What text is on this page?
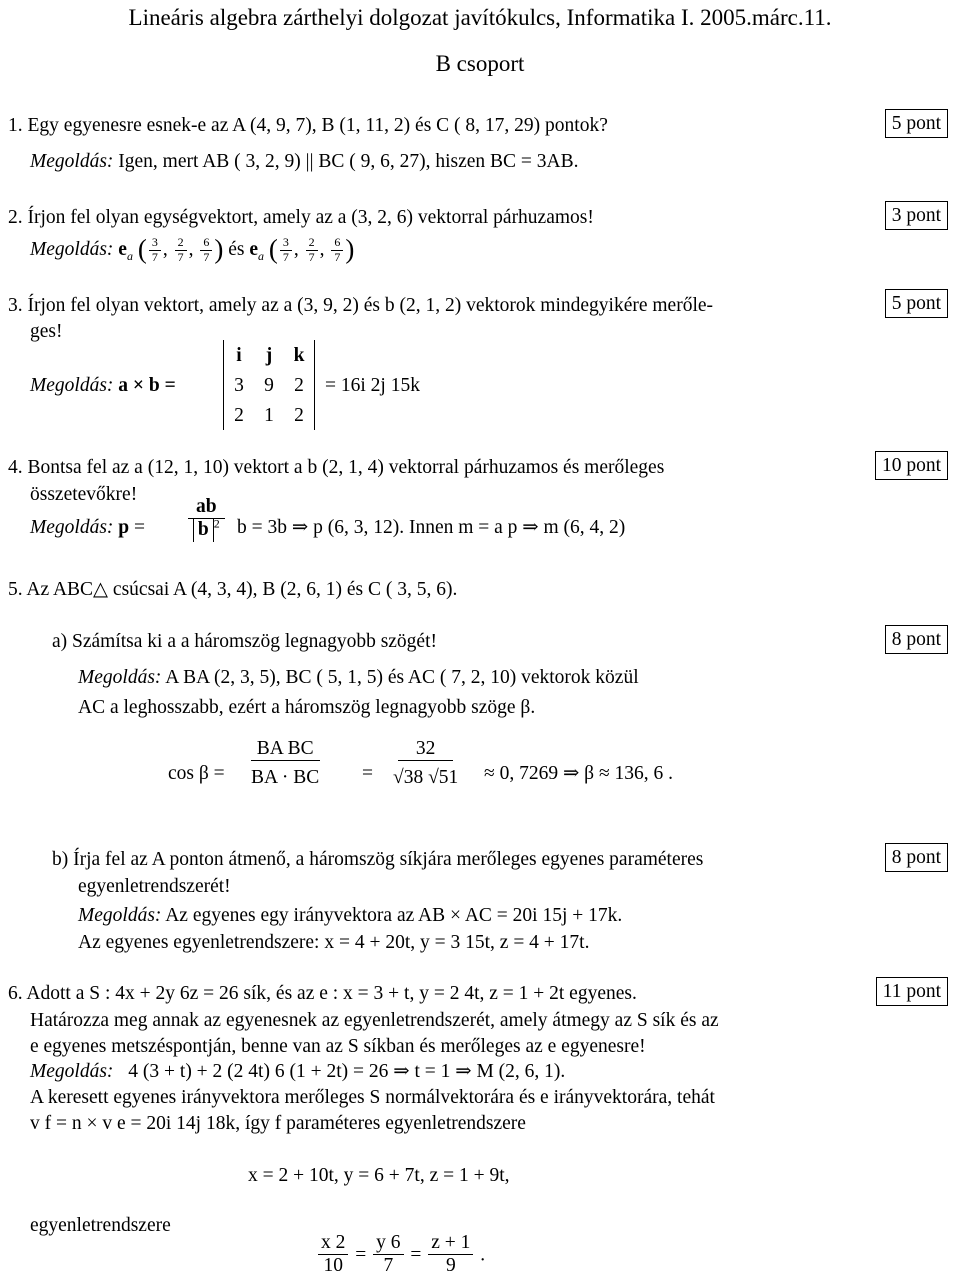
Lineáris algebra zárthelyi dolgozat javítókulcs, Informatika I. 2005.márc.11.
B csoport
1. Egy egyenesre esnek-e az A (4, 9, 7), B (1, 11, 2) és C ( 8, 17, 29) pontok?	5 pont
Megoldás: Igen, mert AB ( 3, 2, 9) || BC ( 9, 6, 27), hiszen BC = 3AB.
2. Írjon fel olyan egységvektort, amely az a (3, 2, 6) vektorral párhuzamos!	3 pont
Megoldás: $e_a$ ( $\frac{3}{7}$ , $\frac{2}{7}$ , $\frac{6}{7}$ ) és $e_a$ ( $\frac{3}{7}$ , $\frac{2}{7}$ , $\frac{6}{7}$ )
3. Írjon fel olyan vektort, amely az a (3, 9, 2) és b (2, 1, 2) vektorok mindegyikére merőle-	5 pont
ges!
Megoldás: a × b =
i	j	k
3	9	2
2	1	2
= 16i 2j 15k
4. Bontsa fel az a (12, 1, 10) vektort a b (2, 1, 4) vektorral párhuzamos és merőleges	10 pont
összetevőkre!
Megoldás: $p = \frac{ab}{b ^2}$ b = 3b ⇒ p (6, 3, 12). Innen m = a p ⇒ m (6, 4, 2)
5. Az ABC△ csúcsai A (4, 3, 4), B (2, 6, 1) és C ( 3, 5, 6).
a) Számítsa ki a a háromszög legnagyobb szögét!	8 pont
Megoldás: A BA (2, 3, 5), BC ( 5, 1, 5) és AC ( 7, 2, 10) vektorok közül
AC a leghosszabb, ezért a háromszög legnagyobb szöge β.
$\cos \beta = \frac{\text{BA BC}}{BA \cdot BC} = \frac{32}{√38 √51} \approx 0$, 7269 ⇒ β ≈ 136, 6 .
b) Írja fel az A ponton átmenő, a háromszög síkjára merőleges egyenes paraméteres	8 pont
egyenletrendszerét!
Megoldás: Az egyenes egy irányvektora az AB × AC = 20i 15j + 17k.
Az egyenes egyenletrendszere: x = 4 + 20t, y = 3 15t, z = 4 + 17t.
6. Adott a S : 4x + 2y 6z = 26 sík, és az e : x = 3 + t, y = 2 4t, z = 1 + 2t egyenes.	11 pont
Határozza meg annak az egyenesnek az egyenletrendszerét, amely átmegy az S sík és az
e egyenes metszéspontján, benne van az S síkban és merőleges az e egyenesre!
Megoldás: 4 (3 + t) + 2 (2 4t) 6 (1 + 2t) = 26 ⇒ t = 1 ⇒ M (2, 6, 1).
A keresett egyenes irányvektora merőleges S normálvektorára és e irányvektorára, tehát
v f = n × v e = 20i 14j 18k, így f paraméteres egyenletrendszere
x = 2 + 10t, y = 6 + 7t, z = 1 + 9t,
egyenletrendszere
$\frac{x 2}{10} = \frac{y 6}{7} = \frac{z + 1}{9}$ .
